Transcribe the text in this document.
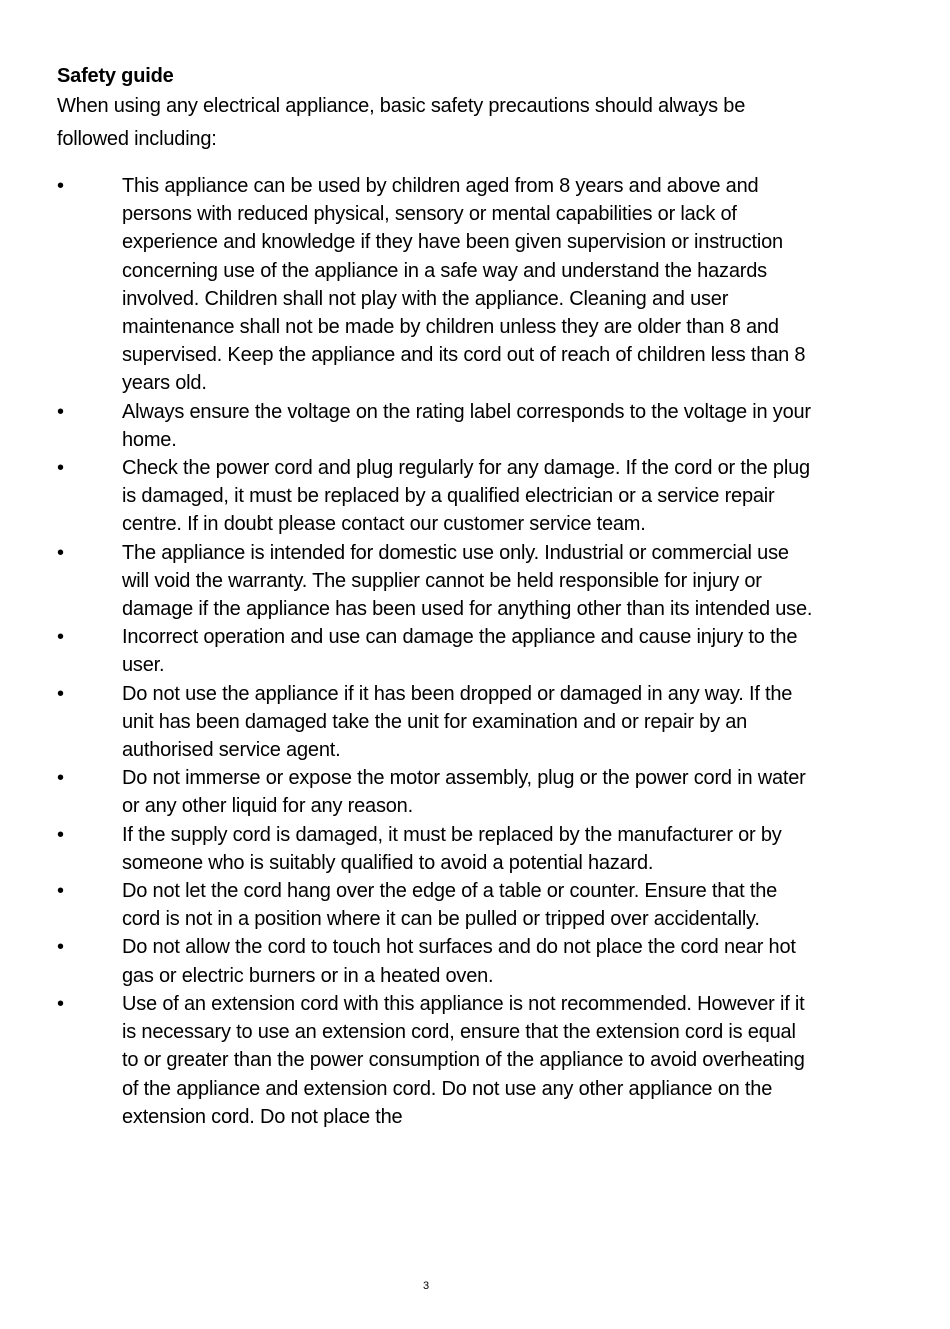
Safety guide

When using any electrical appliance, basic safety precautions should always be followed including:

•	This appliance can be used by children aged from 8 years and above and persons with reduced physical, sensory or mental capabilities or lack of experience and knowledge if they have been given supervision or instruction concerning use of the appliance in a safe way and understand the hazards involved. Children shall not play with the appliance. Cleaning and user maintenance shall not be made by children unless they are older than 8 and supervised. Keep the appliance and its cord out of reach of children less than 8 years old.
•	Always ensure the voltage on the rating label corresponds to the voltage in your home.
•	Check the power cord and plug regularly for any damage. If the cord or the plug is damaged, it must be replaced by a qualified electrician or a service repair centre. If in doubt please contact our customer service team.
•	The appliance is intended for domestic use only. Industrial or commercial use will void the warranty. The supplier cannot be held responsible for injury or damage if the appliance has been used for anything other than its intended use.
•	Incorrect operation and use can damage the appliance and cause injury to the user.
•	Do not use the appliance if it has been dropped or damaged in any way. If the unit has been damaged take the unit for examination and or repair by an authorised service agent.
•	Do not immerse or expose the motor assembly, plug or the power cord in water or any other liquid for any reason.
•	If the supply cord is damaged, it must be replaced by the manufacturer or by someone who is suitably qualified to avoid a potential hazard.
•	Do not let the cord hang over the edge of a table or counter. Ensure that the cord is not in a position where it can be pulled or tripped over accidentally.
•	Do not allow the cord to touch hot surfaces and do not place the cord near hot gas or electric burners or in a heated oven.
•	Use of an extension cord with this appliance is not recommended. However if it is necessary to use an extension cord, ensure that the extension cord is equal to or greater than the power consumption of the appliance to avoid overheating of the appliance and extension cord. Do not use any other appliance on the extension cord. Do not place the
3
